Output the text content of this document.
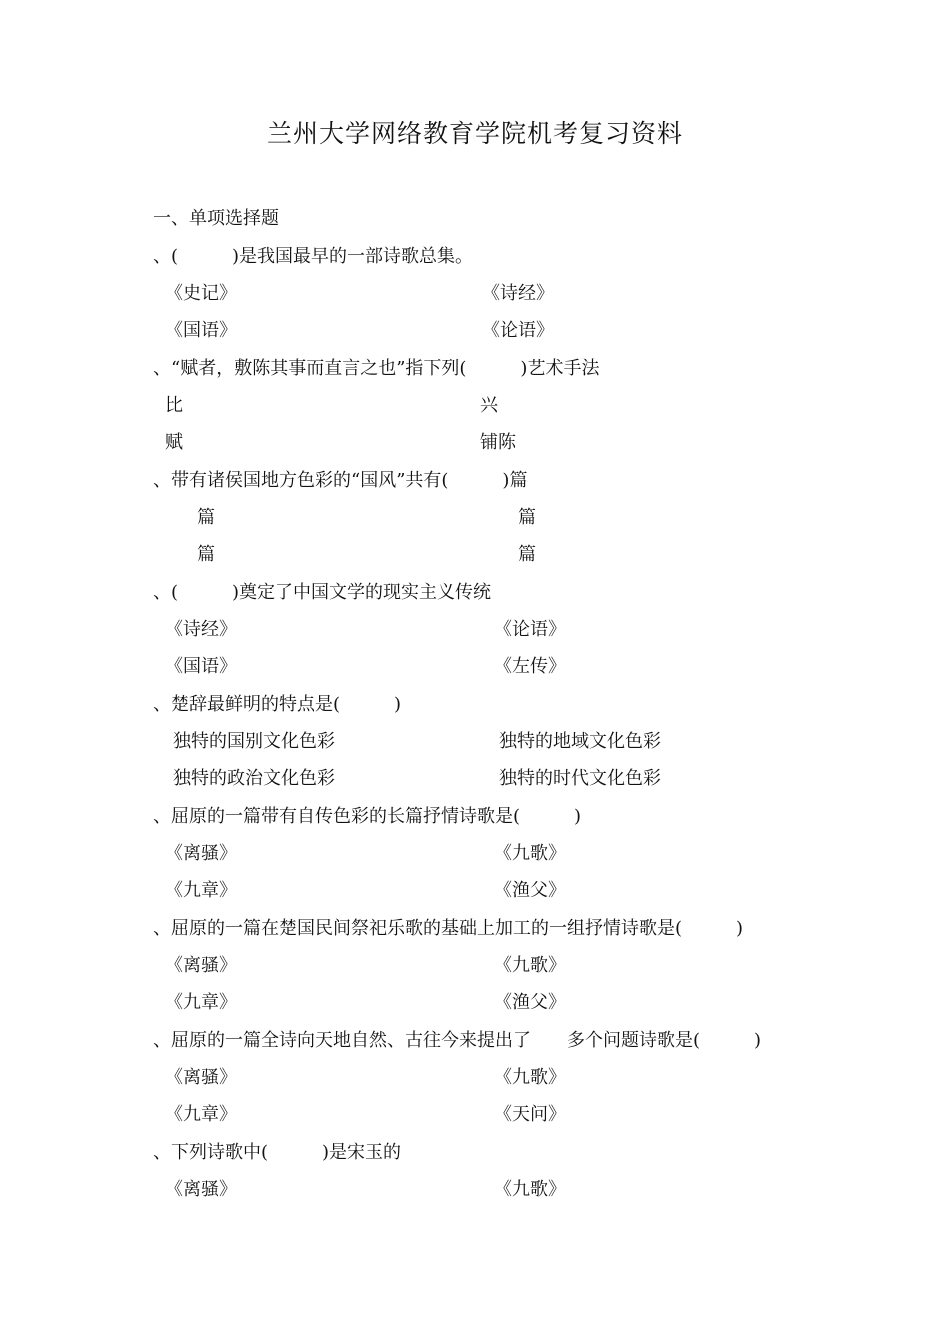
兰州大学网络教育学院机考复习资料
一、单项选择题
、(　　　)是我国最早的一部诗歌总集。
《史记》	《诗经》
《国语》	《论语》
、“赋者，敷陈其事而直言之也”指下列(　　　)艺术手法
比	兴
赋	铺陈
、带有诸侯国地方色彩的“国风”共有(　　　)篇
篇	篇
篇	篇
、(　　　)奠定了中国文学的现实主义传统
《诗经》	《论语》
《国语》	《左传》
、楚辞最鲜明的特点是(　　　)
独特的国别文化色彩	独特的地域文化色彩
独特的政治文化色彩	独特的时代文化色彩
、屈原的一篇带有自传色彩的长篇抒情诗歌是(　　　)
《离骚》	《九歌》
《九章》	《渔父》
、屈原的一篇在楚国民间祭祀乐歌的基础上加工的一组抒情诗歌是(　　　)
《离骚》	《九歌》
《九章》	《渔父》
、屈原的一篇全诗向天地自然、古往今来提出了　　多个问题诗歌是(　　　)
《离骚》	《九歌》
《九章》	《天问》
、下列诗歌中(　　　)是宋玉的
《离骚》	《九歌》
